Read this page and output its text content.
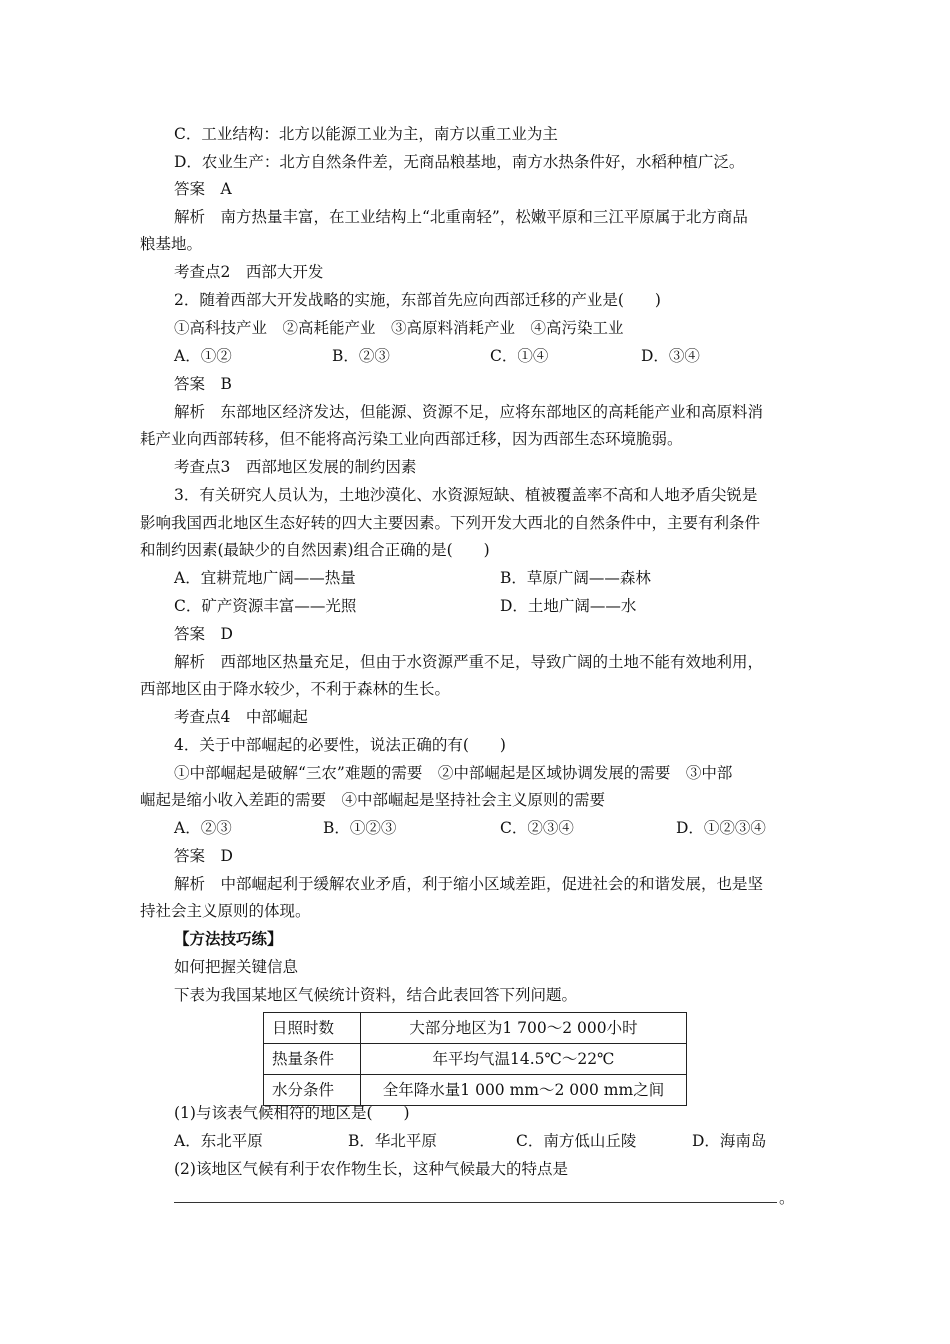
C．工业结构：北方以能源工业为主，南方以重工业为主
D．农业生产：北方自然条件差，无商品粮基地，南方水热条件好，水稻种植广泛。
答案　A
解析　南方热量丰富，在工业结构上“北重南轻”，松嫩平原和三江平原属于北方商品
粮基地。
考查点2　西部大开发
2．随着西部大开发战略的实施，东部首先应向西部迁移的产业是(　　)
①高科技产业　②高耗能产业　③高原料消耗产业　④高污染工业
A．①②	B．②③	C．①④	D．③④
答案　B
解析　东部地区经济发达，但能源、资源不足，应将东部地区的高耗能产业和高原料消
耗产业向西部转移，但不能将高污染工业向西部迁移，因为西部生态环境脆弱。
考查点3　西部地区发展的制约因素
3．有关研究人员认为，土地沙漠化、水资源短缺、植被覆盖率不高和人地矛盾尖锐是
影响我国西北地区生态好转的四大主要因素。下列开发大西北的自然条件中，主要有利条件
和制约因素(最缺少的自然因素)组合正确的是(　　)
A．宜耕荒地广阔——热量	B．草原广阔——森林
C．矿产资源丰富——光照	D．土地广阔——水
答案　D
解析　西部地区热量充足，但由于水资源严重不足，导致广阔的土地不能有效地利用，
西部地区由于降水较少，不利于森林的生长。
考查点4　中部崛起
4．关于中部崛起的必要性，说法正确的有(　　)
①中部崛起是破解“三农”难题的需要　②中部崛起是区域协调发展的需要　③中部
崛起是缩小收入差距的需要　④中部崛起是坚持社会主义原则的需要
A．②③	B．①②③	C．②③④	D．①②③④
答案　D
解析　中部崛起利于缓解农业矛盾，利于缩小区域差距，促进社会的和谐发展，也是坚
持社会主义原则的体现。
【方法技巧练】
如何把握关键信息
下表为我国某地区气候统计资料，结合此表回答下列问题。
日照时数	大部分地区为1 700～2 000小时
热量条件	年平均气温14.5℃～22℃
水分条件	全年降水量1 000 mm～2 000 mm之间
(1)与该表气候相符的地区是(　　)
A．东北平原	B．华北平原	C．南方低山丘陵	D．海南岛
(2)该地区气候有利于农作物生长，这种气候最大的特点是
。
